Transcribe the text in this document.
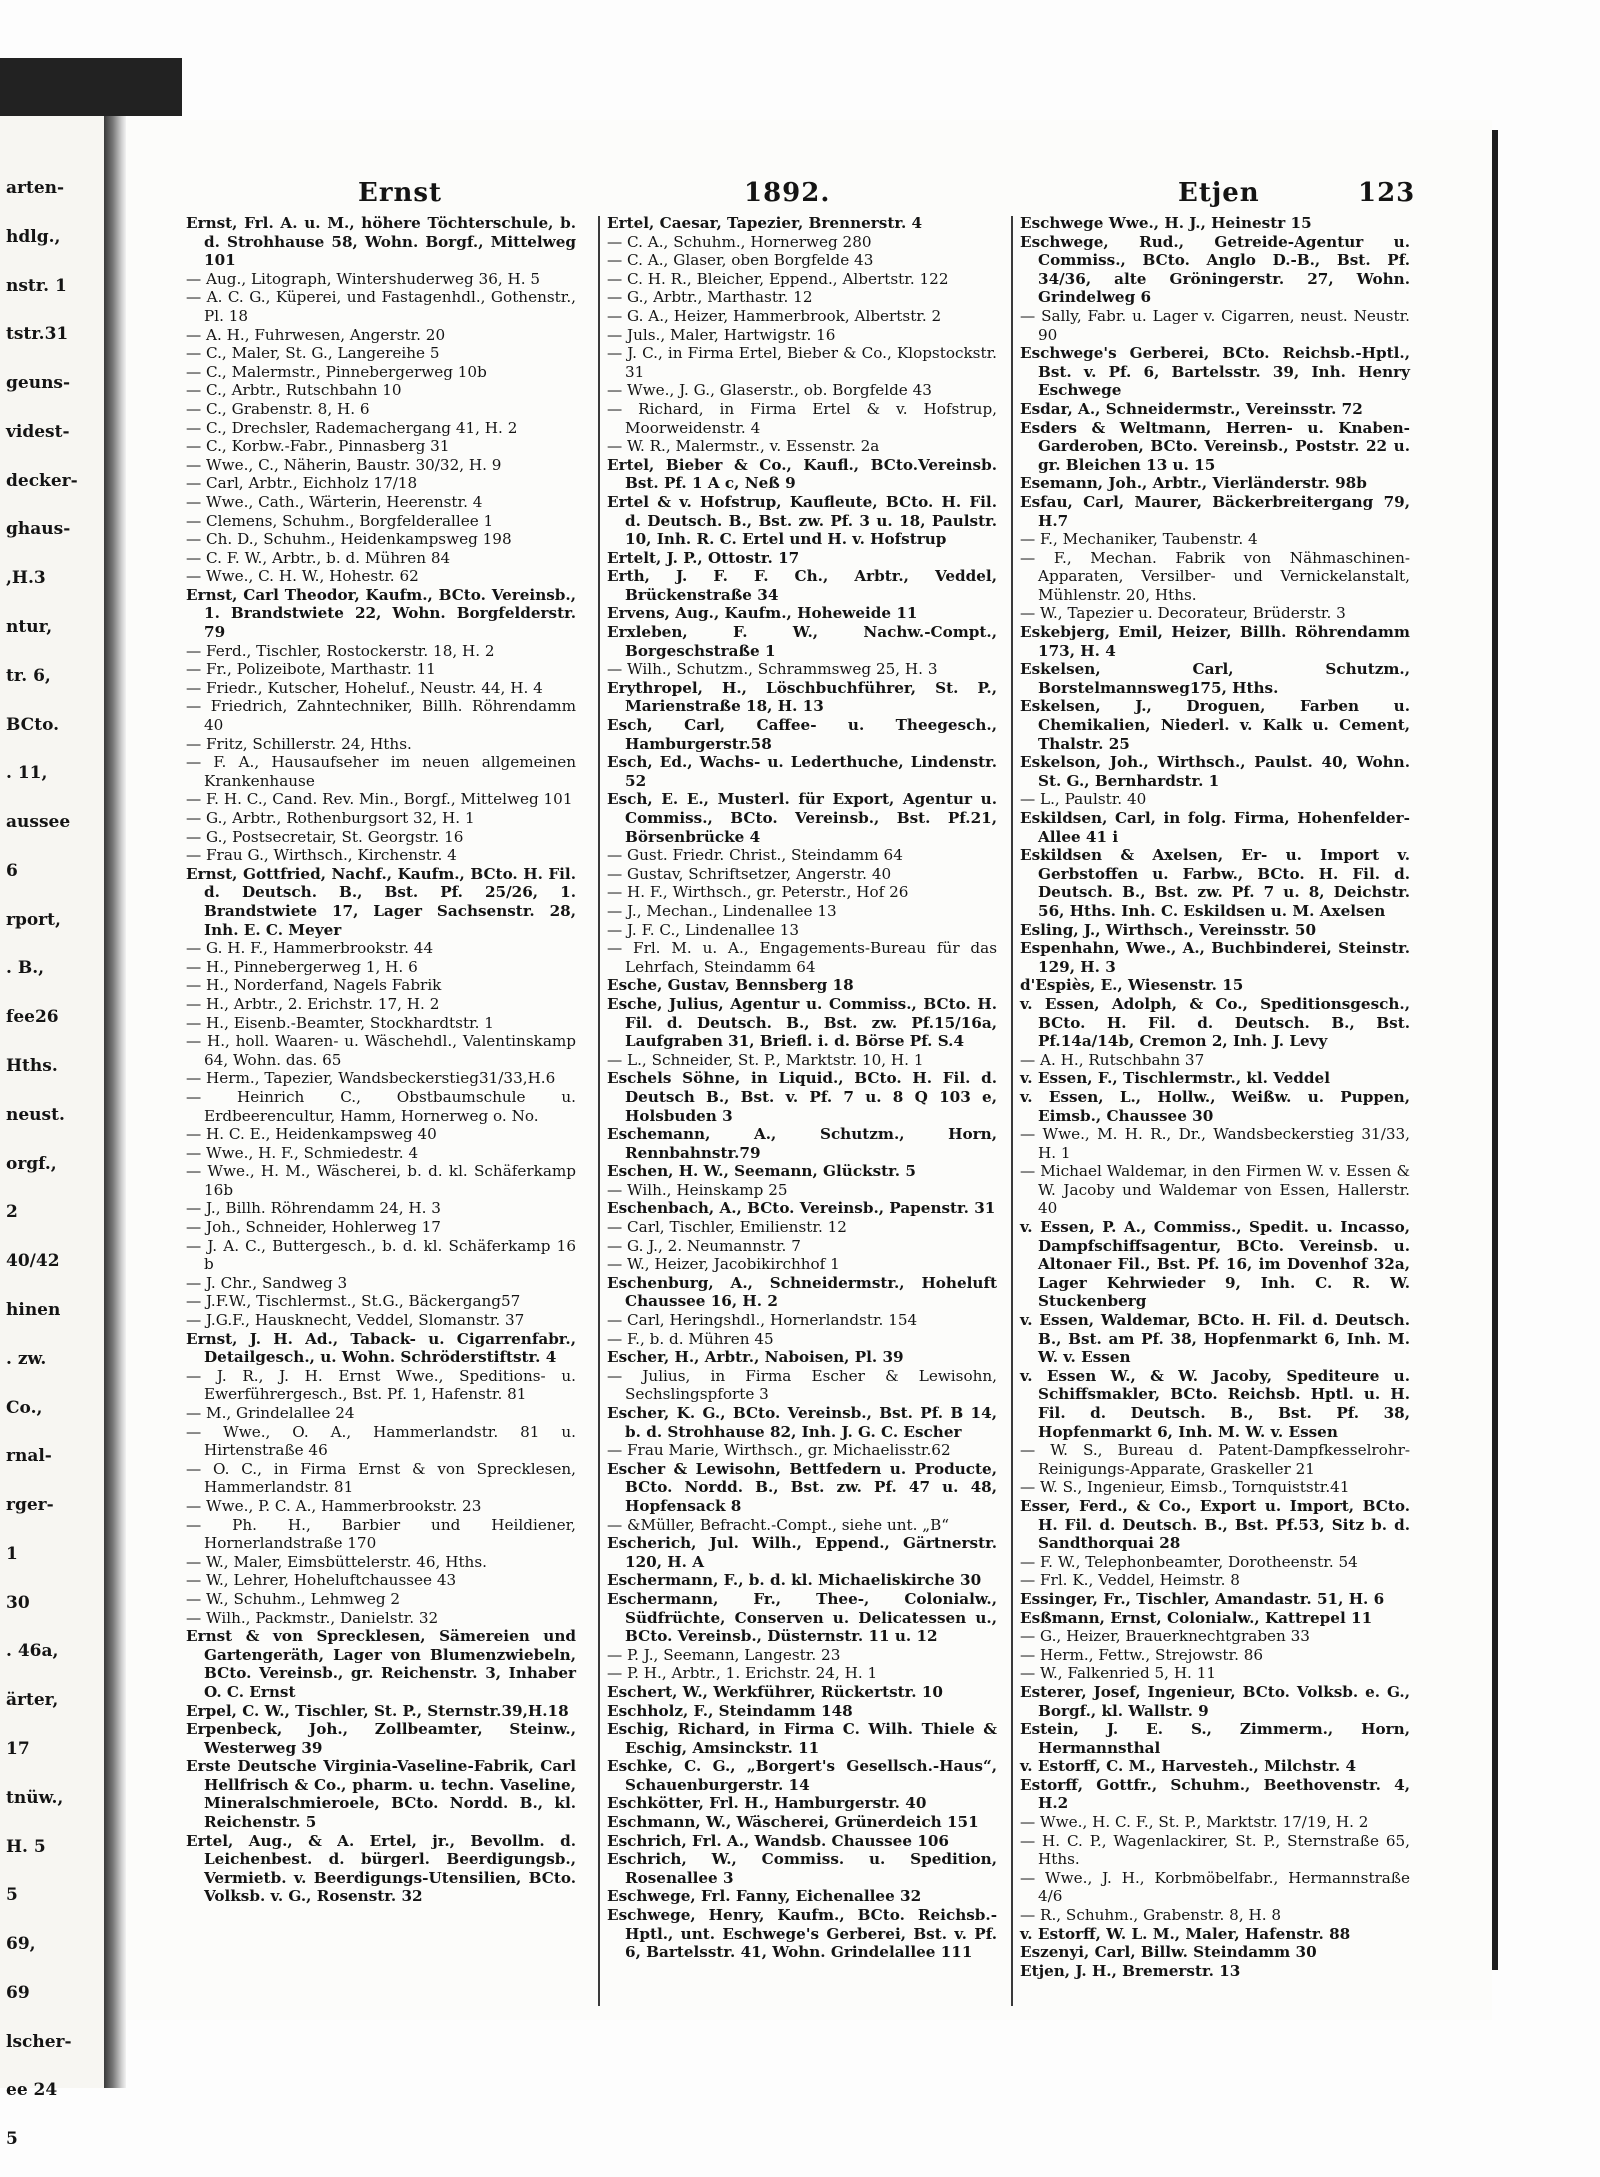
arten-
hdlg.,
nstr. 1
tstr.31
geuns-
videst-
decker-
ghaus-
,H.3
ntur,
tr. 6,
BCto.
. 11,
aussee
6
rport,
. B.,
fee26
Hths.
neust.
orgf.,
2
40/42
hinen
. zw.
Co.,
rnal-
rger-
1
30
. 46a,
ärter,
17
tnüw.,
H. 5
5
69,
69
lscher-
ee 24
5
Ernst	1892.	Etjen	123

Ernst, Frl. A. u. M., höhere Töchterschule, b. d. Strohhause 58, Wohn. Borgf., Mittelweg 101

— Aug., Litograph, Wintershuderweg 36, H. 5

— A. C. G., Küperei, und Fastagenhdl., Gothenstr., Pl. 18

— A. H., Fuhrwesen, Angerstr. 20

— C., Maler, St. G., Langereihe 5

— C., Malermstr., Pinnebergerweg 10b

— C., Arbtr., Rutschbahn 10

— C., Grabenstr. 8, H. 6

— C., Drechsler, Rademachergang 41, H. 2

— C., Korbw.-Fabr., Pinnasberg 31

— Wwe., C., Näherin, Baustr. 30/32, H. 9

— Carl, Arbtr., Eichholz 17/18

— Wwe., Cath., Wärterin, Heerenstr. 4

— Clemens, Schuhm., Borgfelderallee 1

— Ch. D., Schuhm., Heidenkampsweg 198

— C. F. W., Arbtr., b. d. Mühren 84

— Wwe., C. H. W., Hohestr. 62

Ernst, Carl Theodor, Kaufm., BCto. Vereinsb., 1. Brandstwiete 22, Wohn. Borgfelderstr. 79

— Ferd., Tischler, Rostockerstr. 18, H. 2

— Fr., Polizeibote, Marthastr. 11

— Friedr., Kutscher, Hoheluf., Neustr. 44, H. 4

— Friedrich, Zahntechniker, Billh. Röhrendamm 40

— Fritz, Schillerstr. 24, Hths.

— F. A., Hausaufseher im neuen allgemeinen Krankenhause

— F. H. C., Cand. Rev. Min., Borgf., Mittelweg 101

— G., Arbtr., Rothenburgsort 32, H. 1

— G., Postsecretair, St. Georgstr. 16

— Frau G., Wirthsch., Kirchenstr. 4

Ernst, Gottfried, Nachf., Kaufm., BCto. H. Fil. d. Deutsch. B., Bst. Pf. 25/26, 1. Brandstwiete 17, Lager Sachsenstr. 28, Inh. E. C. Meyer

— G. H. F., Hammerbrookstr. 44

— H., Pinnebergerweg 1, H. 6

— H., Norderfand, Nagels Fabrik

— H., Arbtr., 2. Erichstr. 17, H. 2

— H., Eisenb.-Beamter, Stockhardtstr. 1

— H., holl. Waaren- u. Wäschehdl., Valentinskamp 64, Wohn. das. 65

— Herm., Tapezier, Wandsbeckerstieg31/33,H.6

— Heinrich C., Obstbaumschule u. Erdbeerencultur, Hamm, Hornerweg o. No.

— H. C. E., Heidenkampsweg 40

— Wwe., H. F., Schmiedestr. 4

— Wwe., H. M., Wäscherei, b. d. kl. Schäferkamp 16b

— J., Billh. Röhrendamm 24, H. 3

— Joh., Schneider, Hohlerweg 17

— J. A. C., Buttergesch., b. d. kl. Schäferkamp 16 b

— J. Chr., Sandweg 3

— J.F.W., Tischlermst., St.G., Bäckergang57

— J.G.F., Hausknecht, Veddel, Slomanstr. 37

Ernst, J. H. Ad., Taback- u. Cigarrenfabr., Detailgesch., u. Wohn. Schröderstiftstr. 4

— J. R., J. H. Ernst Wwe., Speditions- u. Ewerführergesch., Bst. Pf. 1, Hafenstr. 81

— M., Grindelallee 24

— Wwe., O. A., Hammerlandstr. 81 u. Hirtenstraße 46

— O. C., in Firma Ernst & von Sprecklesen, Hammerlandstr. 81

— Wwe., P. C. A., Hammerbrookstr. 23

— Ph. H., Barbier und Heildiener, Hornerlandstraße 170

— W., Maler, Eimsbüttelerstr. 46, Hths.

— W., Lehrer, Hoheluftchaussee 43

— W., Schuhm., Lehmweg 2

— Wilh., Packmstr., Danielstr. 32

Ernst & von Sprecklesen, Sämereien und Gartengeräth, Lager von Blumenzwiebeln, BCto. Vereinsb., gr. Reichenstr. 3, Inhaber O. C. Ernst

Erpel, C. W., Tischler, St. P., Sternstr.39,H.18

Erpenbeck, Joh., Zollbeamter, Steinw., Westerweg 39

Erste Deutsche Virginia-Vaseline-Fabrik, Carl Hellfrisch & Co., pharm. u. techn. Vaseline, Mineralschmieroele, BCto. Nordd. B., kl. Reichenstr. 5

Ertel, Aug., & A. Ertel, jr., Bevollm. d. Leichenbest. d. bürgerl. Beerdigungsb., Vermietb. v. Beerdigungs-Utensilien, BCto. Volksb. v. G., Rosenstr. 32

Ertel, Caesar, Tapezier, Brennerstr. 4

— C. A., Schuhm., Hornerweg 280

— C. A., Glaser, oben Borgfelde 43

— C. H. R., Bleicher, Eppend., Albertstr. 122

— G., Arbtr., Marthastr. 12

— G. A., Heizer, Hammerbrook, Albertstr. 2

— Juls., Maler, Hartwigstr. 16

— J. C., in Firma Ertel, Bieber & Co., Klopstockstr. 31

— Wwe., J. G., Glaserstr., ob. Borgfelde 43

— Richard, in Firma Ertel & v. Hofstrup, Moorweidenstr. 4

— W. R., Malermstr., v. Essenstr. 2a

Ertel, Bieber & Co., Kaufl., BCto.Vereinsb. Bst. Pf. 1 A c, Neß 9

Ertel & v. Hofstrup, Kaufleute, BCto. H. Fil. d. Deutsch. B., Bst. zw. Pf. 3 u. 18, Paulstr. 10, Inh. R. C. Ertel und H. v. Hofstrup

Ertelt, J. P., Ottostr. 17

Erth, J. F. F. Ch., Arbtr., Veddel, Brückenstraße 34

Ervens, Aug., Kaufm., Hoheweide 11

Erxleben, F. W., Nachw.-Compt., Borgeschstraße 1

— Wilh., Schutzm., Schrammsweg 25, H. 3

Erythropel, H., Löschbuchführer, St. P., Marienstraße 18, H. 13

Esch, Carl, Caffee- u. Theegesch., Hamburgerstr.58

Esch, Ed., Wachs- u. Lederthuche, Lindenstr. 52

Esch, E. E., Musterl. für Export, Agentur u. Commiss., BCto. Vereinsb., Bst. Pf.21, Börsenbrücke 4

— Gust. Friedr. Christ., Steindamm 64

— Gustav, Schriftsetzer, Angerstr. 40

— H. F., Wirthsch., gr. Peterstr., Hof 26

— J., Mechan., Lindenallee 13

— J. F. C., Lindenallee 13

— Frl. M. u. A., Engagements-Bureau für das Lehrfach, Steindamm 64

Esche, Gustav, Bennsberg 18

Esche, Julius, Agentur u. Commiss., BCto. H. Fil. d. Deutsch. B., Bst. zw. Pf.15/16a, Laufgraben 31, Briefl. i. d. Börse Pf. S.4

— L., Schneider, St. P., Marktstr. 10, H. 1

Eschels Söhne, in Liquid., BCto. H. Fil. d. Deutsch B., Bst. v. Pf. 7 u. 8 Q 103 e, Holsbuden 3

Eschemann, A., Schutzm., Horn, Rennbahnstr.79

Eschen, H. W., Seemann, Glückstr. 5

— Wilh., Heinskamp 25

Eschenbach, A., BCto. Vereinsb., Papenstr. 31

— Carl, Tischler, Emilienstr. 12

— G. J., 2. Neumannstr. 7

— W., Heizer, Jacobikirchhof 1

Eschenburg, A., Schneidermstr., Hoheluft Chaussee 16, H. 2

— Carl, Heringshdl., Hornerlandstr. 154

— F., b. d. Mühren 45

Escher, H., Arbtr., Naboisen, Pl. 39

— Julius, in Firma Escher & Lewisohn, Sechslingspforte 3

Escher, K. G., BCto. Vereinsb., Bst. Pf. B 14, b. d. Strohhause 82, Inh. J. G. C. Escher

— Frau Marie, Wirthsch., gr. Michaelisstr.62

Escher & Lewisohn, Bettfedern u. Producte, BCto. Nordd. B., Bst. zw. Pf. 47 u. 48, Hopfensack 8

— &Müller, Befracht.-Compt., siehe unt. „B“

Escherich, Jul. Wilh., Eppend., Gärtnerstr. 120, H. A

Eschermann, F., b. d. kl. Michaeliskirche 30

Eschermann, Fr., Thee-, Colonialw., Südfrüchte, Conserven u. Delicatessen u., BCto. Vereinsb., Düsternstr. 11 u. 12

— P. J., Seemann, Langestr. 23

— P. H., Arbtr., 1. Erichstr. 24, H. 1

Eschert, W., Werkführer, Rückertstr. 10

Eschholz, F., Steindamm 148

Eschig, Richard, in Firma C. Wilh. Thiele & Eschig, Amsinckstr. 11

Eschke, C. G., „Borgert's Gesellsch.-Haus“, Schauenburgerstr. 14

Eschkötter, Frl. H., Hamburgerstr. 40

Eschmann, W., Wäscherei, Grünerdeich 151

Eschrich, Frl. A., Wandsb. Chaussee 106

Eschrich, W., Commiss. u. Spedition, Rosenallee 3

Eschwege, Frl. Fanny, Eichenallee 32

Eschwege, Henry, Kaufm., BCto. Reichsb.-Hptl., unt. Eschwege's Gerberei, Bst. v. Pf. 6, Bartelsstr. 41, Wohn. Grindelallee 111

Eschwege Wwe., H. J., Heinestr 15

Eschwege, Rud., Getreide-Agentur u. Commiss., BCto. Anglo D.-B., Bst. Pf. 34/36, alte Gröningerstr. 27, Wohn. Grindelweg 6

— Sally, Fabr. u. Lager v. Cigarren, neust. Neustr. 90

Eschwege's Gerberei, BCto. Reichsb.-Hptl., Bst. v. Pf. 6, Bartelsstr. 39, Inh. Henry Eschwege

Esdar, A., Schneidermstr., Vereinsstr. 72

Esders & Weltmann, Herren- u. Knaben-Garderoben, BCto. Vereinsb., Poststr. 22 u. gr. Bleichen 13 u. 15

Esemann, Joh., Arbtr., Vierländerstr. 98b

Esfau, Carl, Maurer, Bäckerbreitergang 79, H.7

— F., Mechaniker, Taubenstr. 4

— F., Mechan. Fabrik von Nähmaschinen-Apparaten, Versilber- und Vernickelanstalt, Mühlenstr. 20, Hths.

— W., Tapezier u. Decorateur, Brüderstr. 3

Eskebjerg, Emil, Heizer, Billh. Röhrendamm 173, H. 4

Eskelsen, Carl, Schutzm., Borstelmannsweg175, Hths.

Eskelsen, J., Droguen, Farben u. Chemikalien, Niederl. v. Kalk u. Cement, Thalstr. 25

Eskelson, Joh., Wirthsch., Paulst. 40, Wohn. St. G., Bernhardstr. 1

— L., Paulstr. 40

Eskildsen, Carl, in folg. Firma, Hohenfelder-Allee 41 i

Eskildsen & Axelsen, Er- u. Import v. Gerbstoffen u. Farbw., BCto. H. Fil. d. Deutsch. B., Bst. zw. Pf. 7 u. 8, Deichstr. 56, Hths. Inh. C. Eskildsen u. M. Axelsen

Esling, J., Wirthsch., Vereinsstr. 50

Espenhahn, Wwe., A., Buchbinderei, Steinstr. 129, H. 3

d'Espiès, E., Wiesenstr. 15

v. Essen, Adolph, & Co., Speditionsgesch., BCto. H. Fil. d. Deutsch. B., Bst. Pf.14a/14b, Cremon 2, Inh. J. Levy

— A. H., Rutschbahn 37

v. Essen, F., Tischlermstr., kl. Veddel

v. Essen, L., Hollw., Weißw. u. Puppen, Eimsb., Chaussee 30

— Wwe., M. H. R., Dr., Wandsbeckerstieg 31/33, H. 1

— Michael Waldemar, in den Firmen W. v. Essen & W. Jacoby und Waldemar von Essen, Hallerstr. 40

v. Essen, P. A., Commiss., Spedit. u. Incasso, Dampfschiffsagentur, BCto. Vereinsb. u. Altonaer Fil., Bst. Pf. 16, im Dovenhof 32a, Lager Kehrwieder 9, Inh. C. R. W. Stuckenberg

v. Essen, Waldemar, BCto. H. Fil. d. Deutsch. B., Bst. am Pf. 38, Hopfenmarkt 6, Inh. M. W. v. Essen

v. Essen W., & W. Jacoby, Spediteure u. Schiffsmakler, BCto. Reichsb. Hptl. u. H. Fil. d. Deutsch. B., Bst. Pf. 38, Hopfenmarkt 6, Inh. M. W. v. Essen

— W. S., Bureau d. Patent-Dampfkesselrohr-Reinigungs-Apparate, Graskeller 21

— W. S., Ingenieur, Eimsb., Tornquiststr.41

Esser, Ferd., & Co., Export u. Import, BCto. H. Fil. d. Deutsch. B., Bst. Pf.53, Sitz b. d. Sandthorquai 28

— F. W., Telephonbeamter, Dorotheenstr. 54

— Frl. K., Veddel, Heimstr. 8

Essinger, Fr., Tischler, Amandastr. 51, H. 6

Esßmann, Ernst, Colonialw., Kattrepel 11

— G., Heizer, Brauerknechtgraben 33

— Herm., Fettw., Strejowstr. 86

— W., Falkenried 5, H. 11

Esterer, Josef, Ingenieur, BCto. Volksb. e. G., Borgf., kl. Wallstr. 9

Estein, J. E. S., Zimmerm., Horn, Hermannsthal

v. Estorff, C. M., Harvesteh., Milchstr. 4

Estorff, Gottfr., Schuhm., Beethovenstr. 4, H.2

— Wwe., H. C. F., St. P., Marktstr. 17/19, H. 2

— H. C. P., Wagenlackirer, St. P., Sternstraße 65, Hths.

— Wwe., J. H., Korbmöbelfabr., Hermannstraße 4/6

— R., Schuhm., Grabenstr. 8, H. 8

v. Estorff, W. L. M., Maler, Hafenstr. 88

Eszenyi, Carl, Billw. Steindamm 30

Etjen, J. H., Bremerstr. 13
